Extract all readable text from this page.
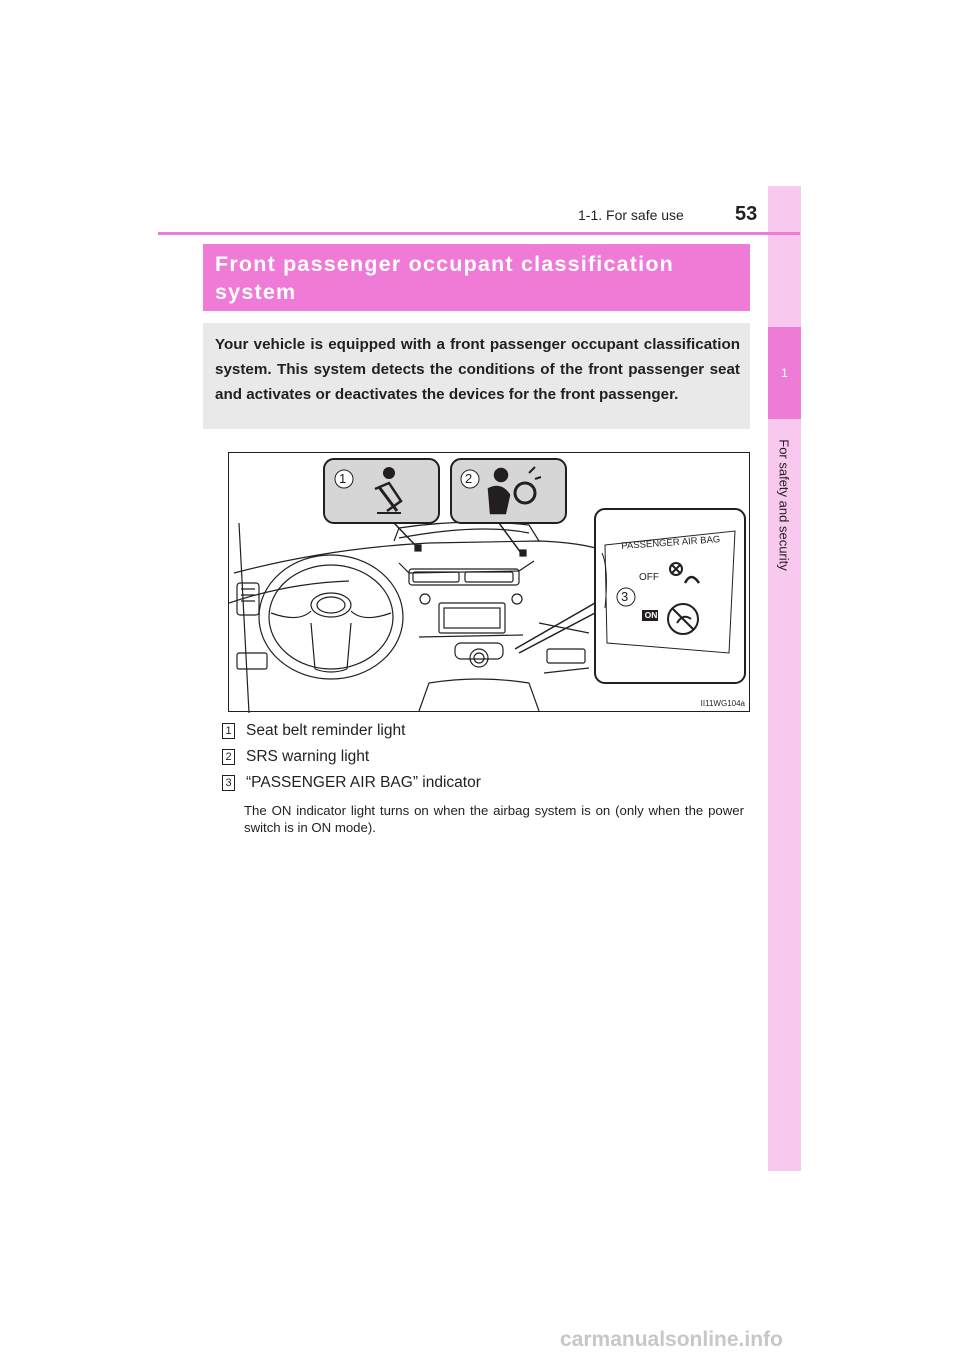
1
For safety and security
1-1. For safe use	53
Front passenger occupant classification system
Your vehicle is equipped with a front passenger occupant classification system. This system detects the conditions of the front passenger seat and activates or deactivates the devices for the front passenger.
1	2
3
PASSENGER AIR BAG
OFF
ON
II11WG104a
1 Seat belt reminder light
2 SRS warning light
3 “PASSENGER AIR BAG” indicator
The ON indicator light turns on when the airbag system is on (only when the power switch is in ON mode).
carmanualsonline.info
